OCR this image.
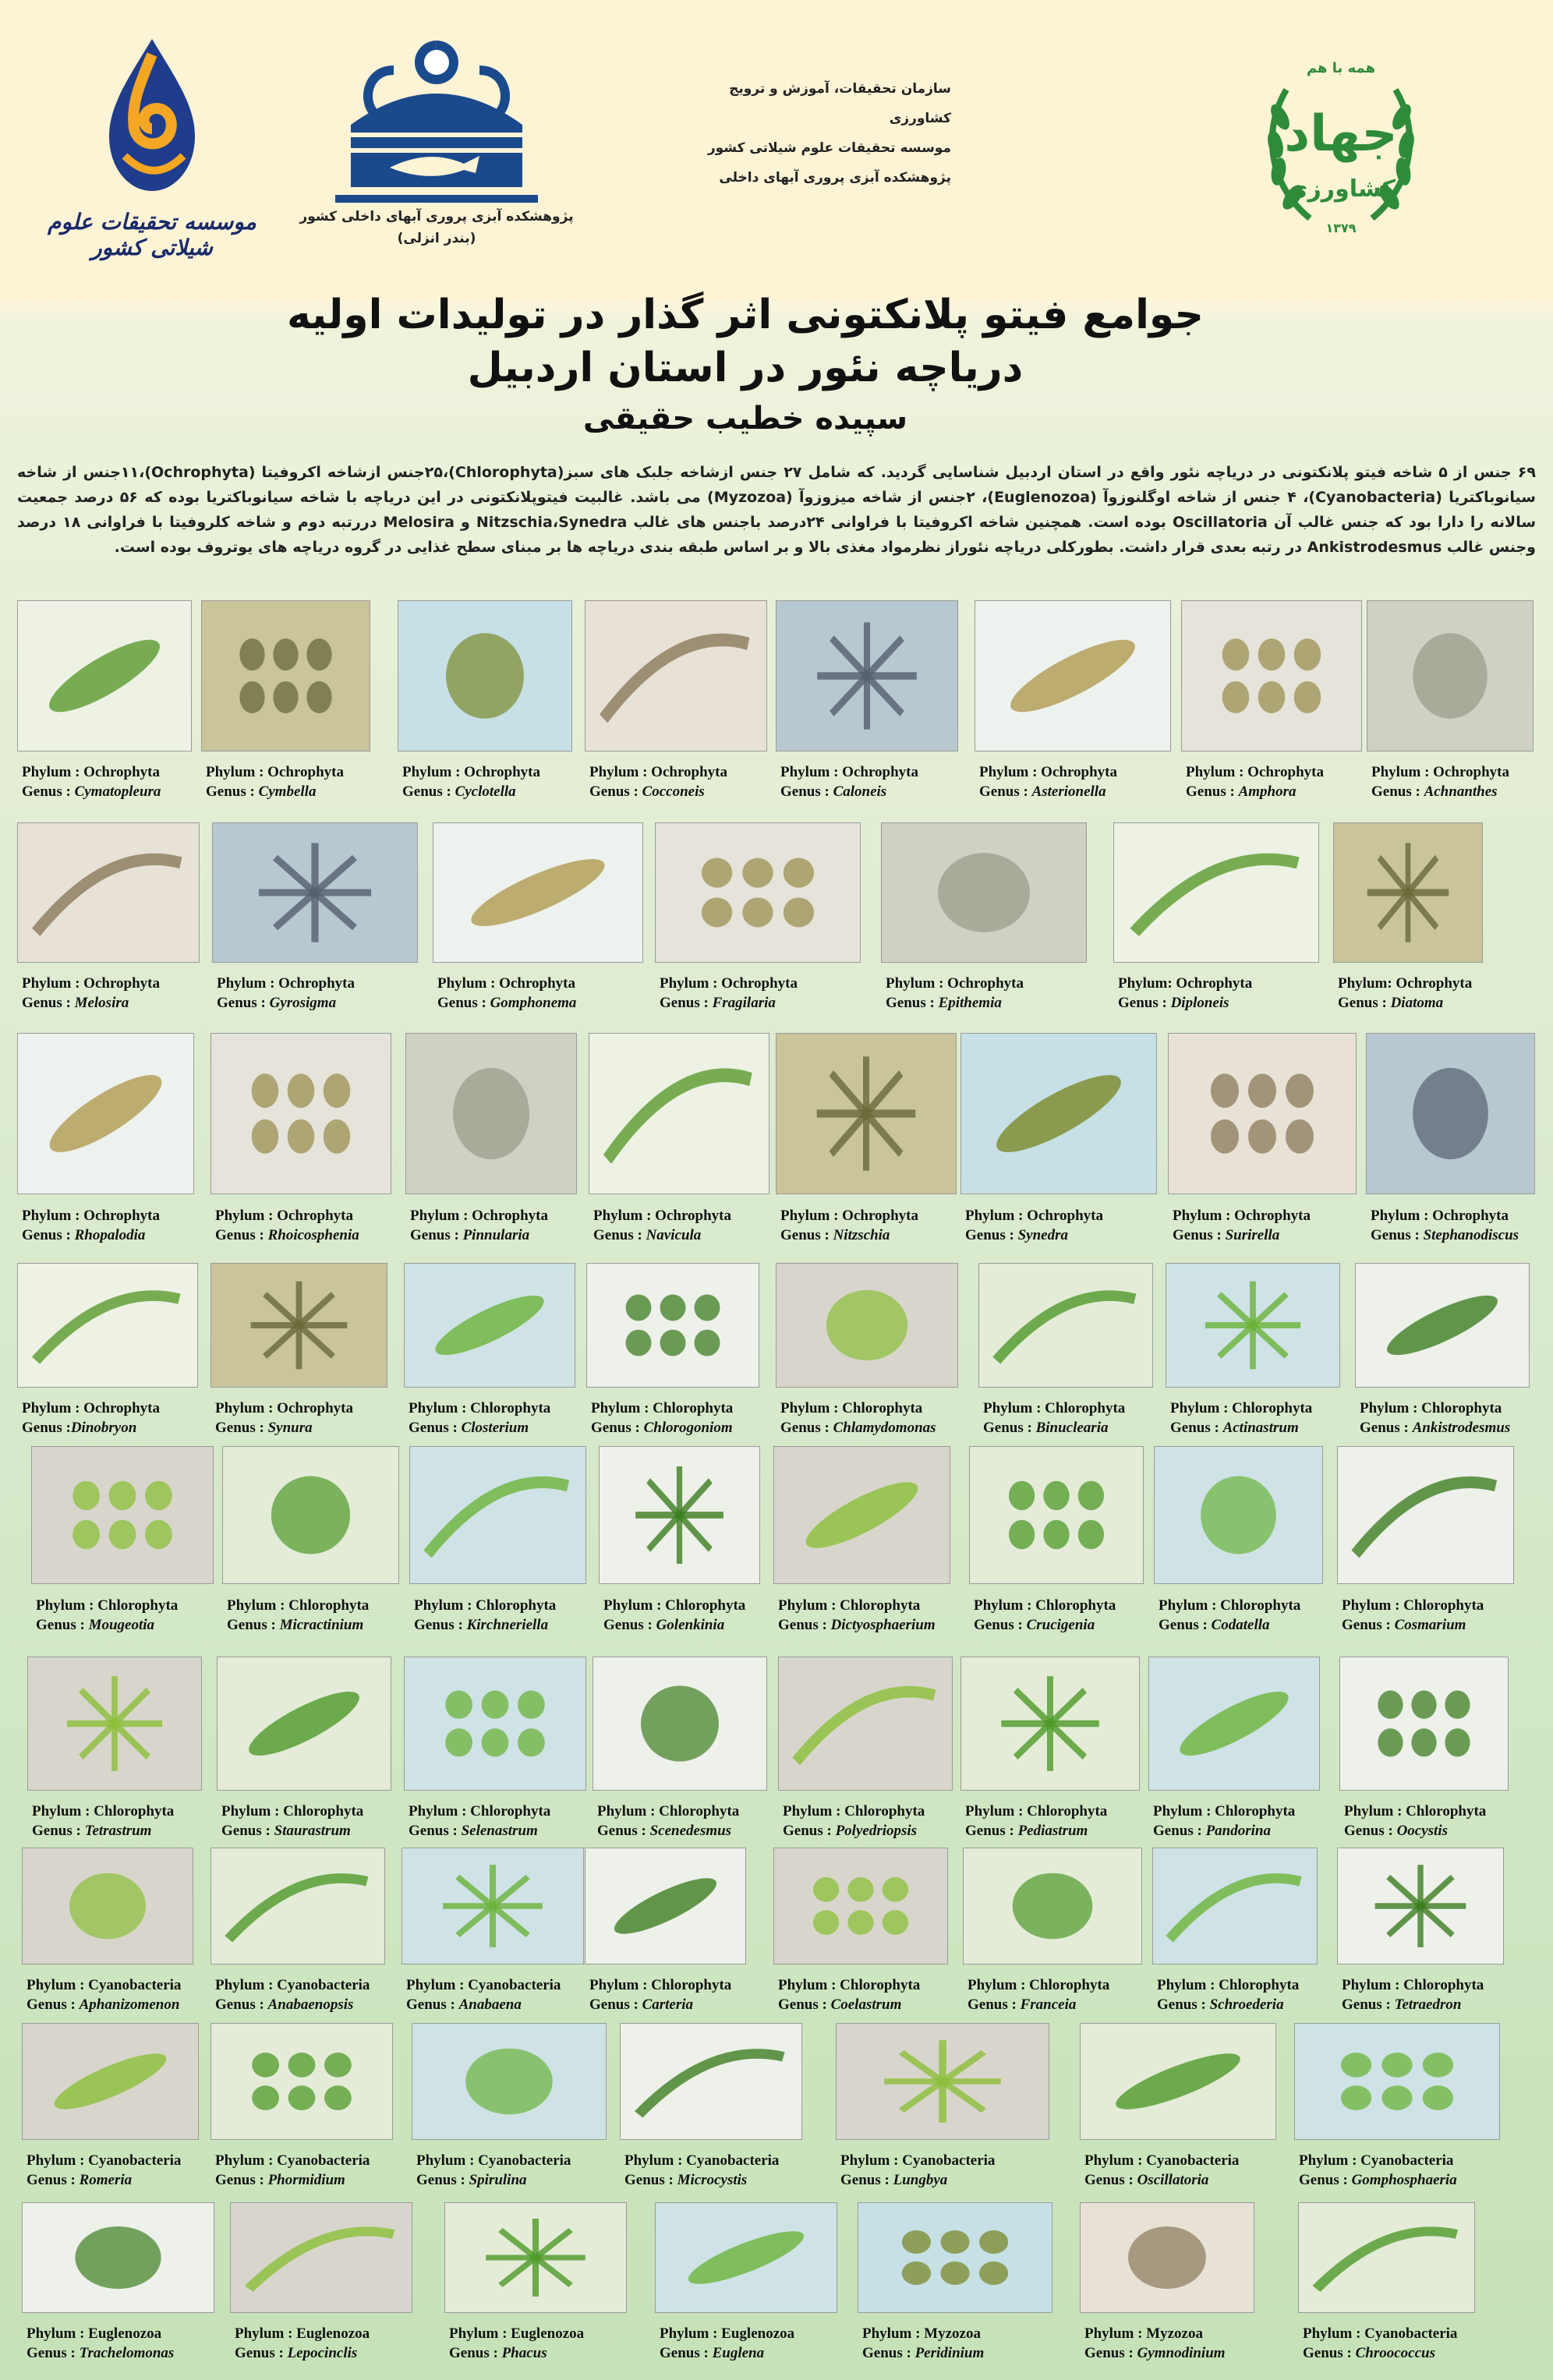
موسسه تحقیقات علوم شیلاتی کشور
پژوهشکده آبزی پروری آبهای داخلی کشور
(بندر انزلی)
سازمان تحقیقات، آموزش و ترویج کشاورزی
موسسه تحقیقات علوم شیلاتی کشور
پژوهشکده آبزی پروری آبهای داخلی
همه با هم
جهاد
کشاورزی
۱۳۷۹
جوامع فیتو پلانکتونی اثر گذار در تولیدات اولیه
دریاچه نئور در استان اردبیل
سپیده خطیب حقیقی
۶۹ جنس از ۵ شاخه فیتو پلانکتونی در دریاچه نئور واقع در استان اردبیل شناسایی گردید. که شامل ۲۷ جنس ازشاخه جلبک های سبز(Chlorophyta)،۲۵جنس ازشاخه اکروفیتا (Ochrophyta)،۱۱جنس از شاخه سیانوباکتریا (Cyanobacteria)، ۴ جنس از شاخه اوگلنوزوآ (Euglenozoa)، ۲جنس از شاخه میزوزوآ (Myzozoa) می باشد. غالبیت فیتوپلانکتونی در این دریاچه با شاخه سیانوباکتریا بوده که ۵۶ درصد جمعیت سالانه را دارا بود که جنس غالب آن Oscillatoria بوده است. همچنین شاخه اکروفیتا با فراوانی ۲۴درصد باجنس های غالب Nitzschia،Synedra و Melosira دررتبه دوم و شاخه کلروفیتا با فراوانی ۱۸ درصد وجنس غالب Ankistrodesmus در رتبه بعدی قرار داشت. بطورکلی دریاچه نئوراز نظرمواد مغذی بالا و بر اساس طبقه بندی دریاچه ها بر مبنای سطح غذایی در گروه دریاچه های یوتروف بوده است.
Phylum : Ochrophyta
Genus : Cymatopleura
Phylum : Ochrophyta
Genus : Cymbella
Phylum : Ochrophyta
Genus : Cyclotella
Phylum : Ochrophyta
Genus : Cocconeis
Phylum : Ochrophyta
Genus : Caloneis
Phylum : Ochrophyta
Genus : Asterionella
Phylum : Ochrophyta
Genus : Amphora
Phylum : Ochrophyta
Genus : Achnanthes
Phylum : Ochrophyta
Genus : Melosira
Phylum : Ochrophyta
Genus : Gyrosigma
Phylum : Ochrophyta
Genus : Gomphonema
Phylum : Ochrophyta
Genus : Fragilaria
Phylum : Ochrophyta
Genus : Epithemia
Phylum: Ochrophyta
Genus : Diploneis
Phylum: Ochrophyta
Genus : Diatoma
Phylum : Ochrophyta
Genus : Rhopalodia
Phylum : Ochrophyta
Genus : Rhoicosphenia
Phylum : Ochrophyta
Genus : Pinnularia
Phylum : Ochrophyta
Genus : Navicula
Phylum : Ochrophyta
Genus : Nitzschia
Phylum : Ochrophyta
Genus : Synedra
Phylum : Ochrophyta
Genus : Surirella
Phylum : Ochrophyta
Genus : Stephanodiscus
Phylum : Ochrophyta
Genus :Dinobryon
Phylum : Ochrophyta
Genus : Synura
Phylum : Chlorophyta
Genus : Closterium
Phylum : Chlorophyta
Genus : Chlorogoniom
Phylum : Chlorophyta
Genus : Chlamydomonas
Phylum : Chlorophyta
Genus : Binuclearia
Phylum : Chlorophyta
Genus : Actinastrum
Phylum : Chlorophyta
Genus : Ankistrodesmus
Phylum : Chlorophyta
Genus : Mougeotia
Phylum : Chlorophyta
Genus : Micractinium
Phylum : Chlorophyta
Genus : Kirchneriella
Phylum : Chlorophyta
Genus : Golenkinia
Phylum : Chlorophyta
Genus : Dictyosphaerium
Phylum : Chlorophyta
Genus : Crucigenia
Phylum : Chlorophyta
Genus : Codatella
Phylum : Chlorophyta
Genus : Cosmarium
Phylum : Chlorophyta
Genus : Tetrastrum
Phylum : Chlorophyta
Genus : Staurastrum
Phylum : Chlorophyta
Genus : Selenastrum
Phylum : Chlorophyta
Genus : Scenedesmus
Phylum : Chlorophyta
Genus : Polyedriopsis
Phylum : Chlorophyta
Genus : Pediastrum
Phylum : Chlorophyta
Genus : Pandorina
Phylum : Chlorophyta
Genus : Oocystis
Phylum : Cyanobacteria
Genus : Aphanizomenon
Phylum : Cyanobacteria
Genus : Anabaenopsis
Phylum : Cyanobacteria
Genus : Anabaena
Phylum : Chlorophyta
Genus : Carteria
Phylum : Chlorophyta
Genus : Coelastrum
Phylum : Chlorophyta
Genus : Franceia
Phylum : Chlorophyta
Genus : Schroederia
Phylum : Chlorophyta
Genus : Tetraedron
Phylum : Cyanobacteria
Genus : Romeria
Phylum : Cyanobacteria
Genus : Phormidium
Phylum : Cyanobacteria
Genus : Spirulina
Phylum : Cyanobacteria
Genus : Microcystis
Phylum : Cyanobacteria
Genus : Lungbya
Phylum : Cyanobacteria
Genus : Oscillatoria
Phylum : Cyanobacteria
Genus : Gomphosphaeria
Phylum : Euglenozoa
Genus : Trachelomonas
Phylum : Euglenozoa
Genus : Lepocinclis
Phylum : Euglenozoa
Genus : Phacus
Phylum : Euglenozoa
Genus : Euglena
Phylum : Myzozoa
Genus : Peridinium
Phylum : Myzozoa
Genus : Gymnodinium
Phylum : Cyanobacteria
Genus : Chroococcus
